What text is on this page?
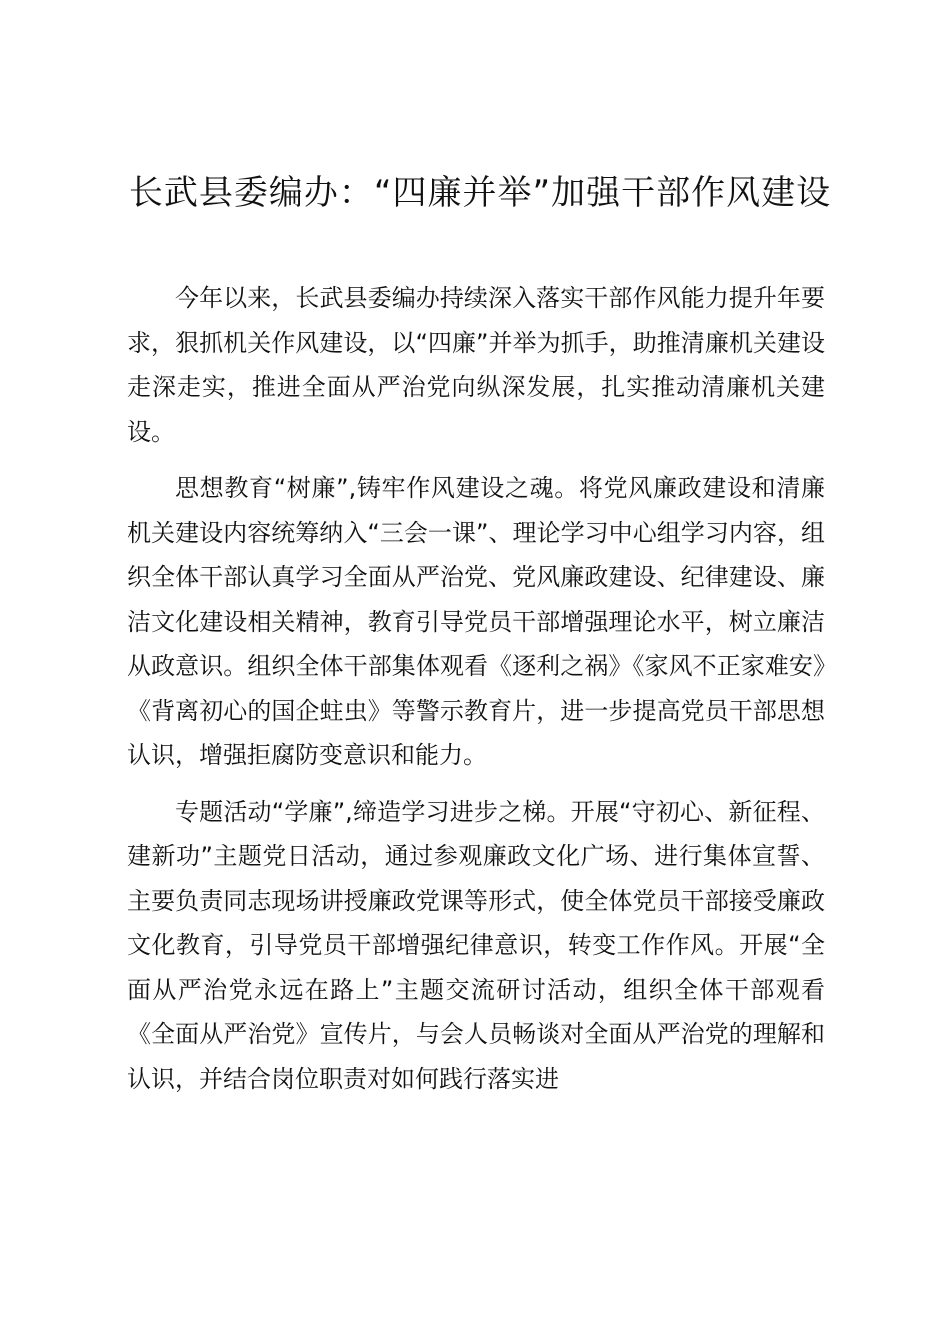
长武县委编办：“四廉并举”加强干部作风建设

今年以来，长武县委编办持续深入落实干部作风能力提升年要求，狠抓机关作风建设，以“四廉”并举为抓手，助推清廉机关建设走深走实，推进全面从严治党向纵深发展，扎实推动清廉机关建设。

思想教育“树廉”,铸牢作风建设之魂。将党风廉政建设和清廉机关建设内容统筹纳入“三会一课”、理论学习中心组学习内容，组织全体干部认真学习全面从严治党、党风廉政建设、纪律建设、廉洁文化建设相关精神，教育引导党员干部增强理论水平，树立廉洁从政意识。组织全体干部集体观看《逐利之祸》《家风不正家难安》《背离初心的国企蛀虫》等警示教育片，进一步提高党员干部思想认识，增强拒腐防变意识和能力。

专题活动“学廉”,缔造学习进步之梯。开展“守初心、新征程、建新功”主题党日活动，通过参观廉政文化广场、进行集体宣誓、主要负责同志现场讲授廉政党课等形式，使全体党员干部接受廉政文化教育，引导党员干部增强纪律意识，转变工作作风。开展“全面从严治党永远在路上”主题交流研讨活动，组织全体干部观看《全面从严治党》宣传片，与会人员畅谈对全面从严治党的理解和认识，并结合岗位职责对如何践行落实进
